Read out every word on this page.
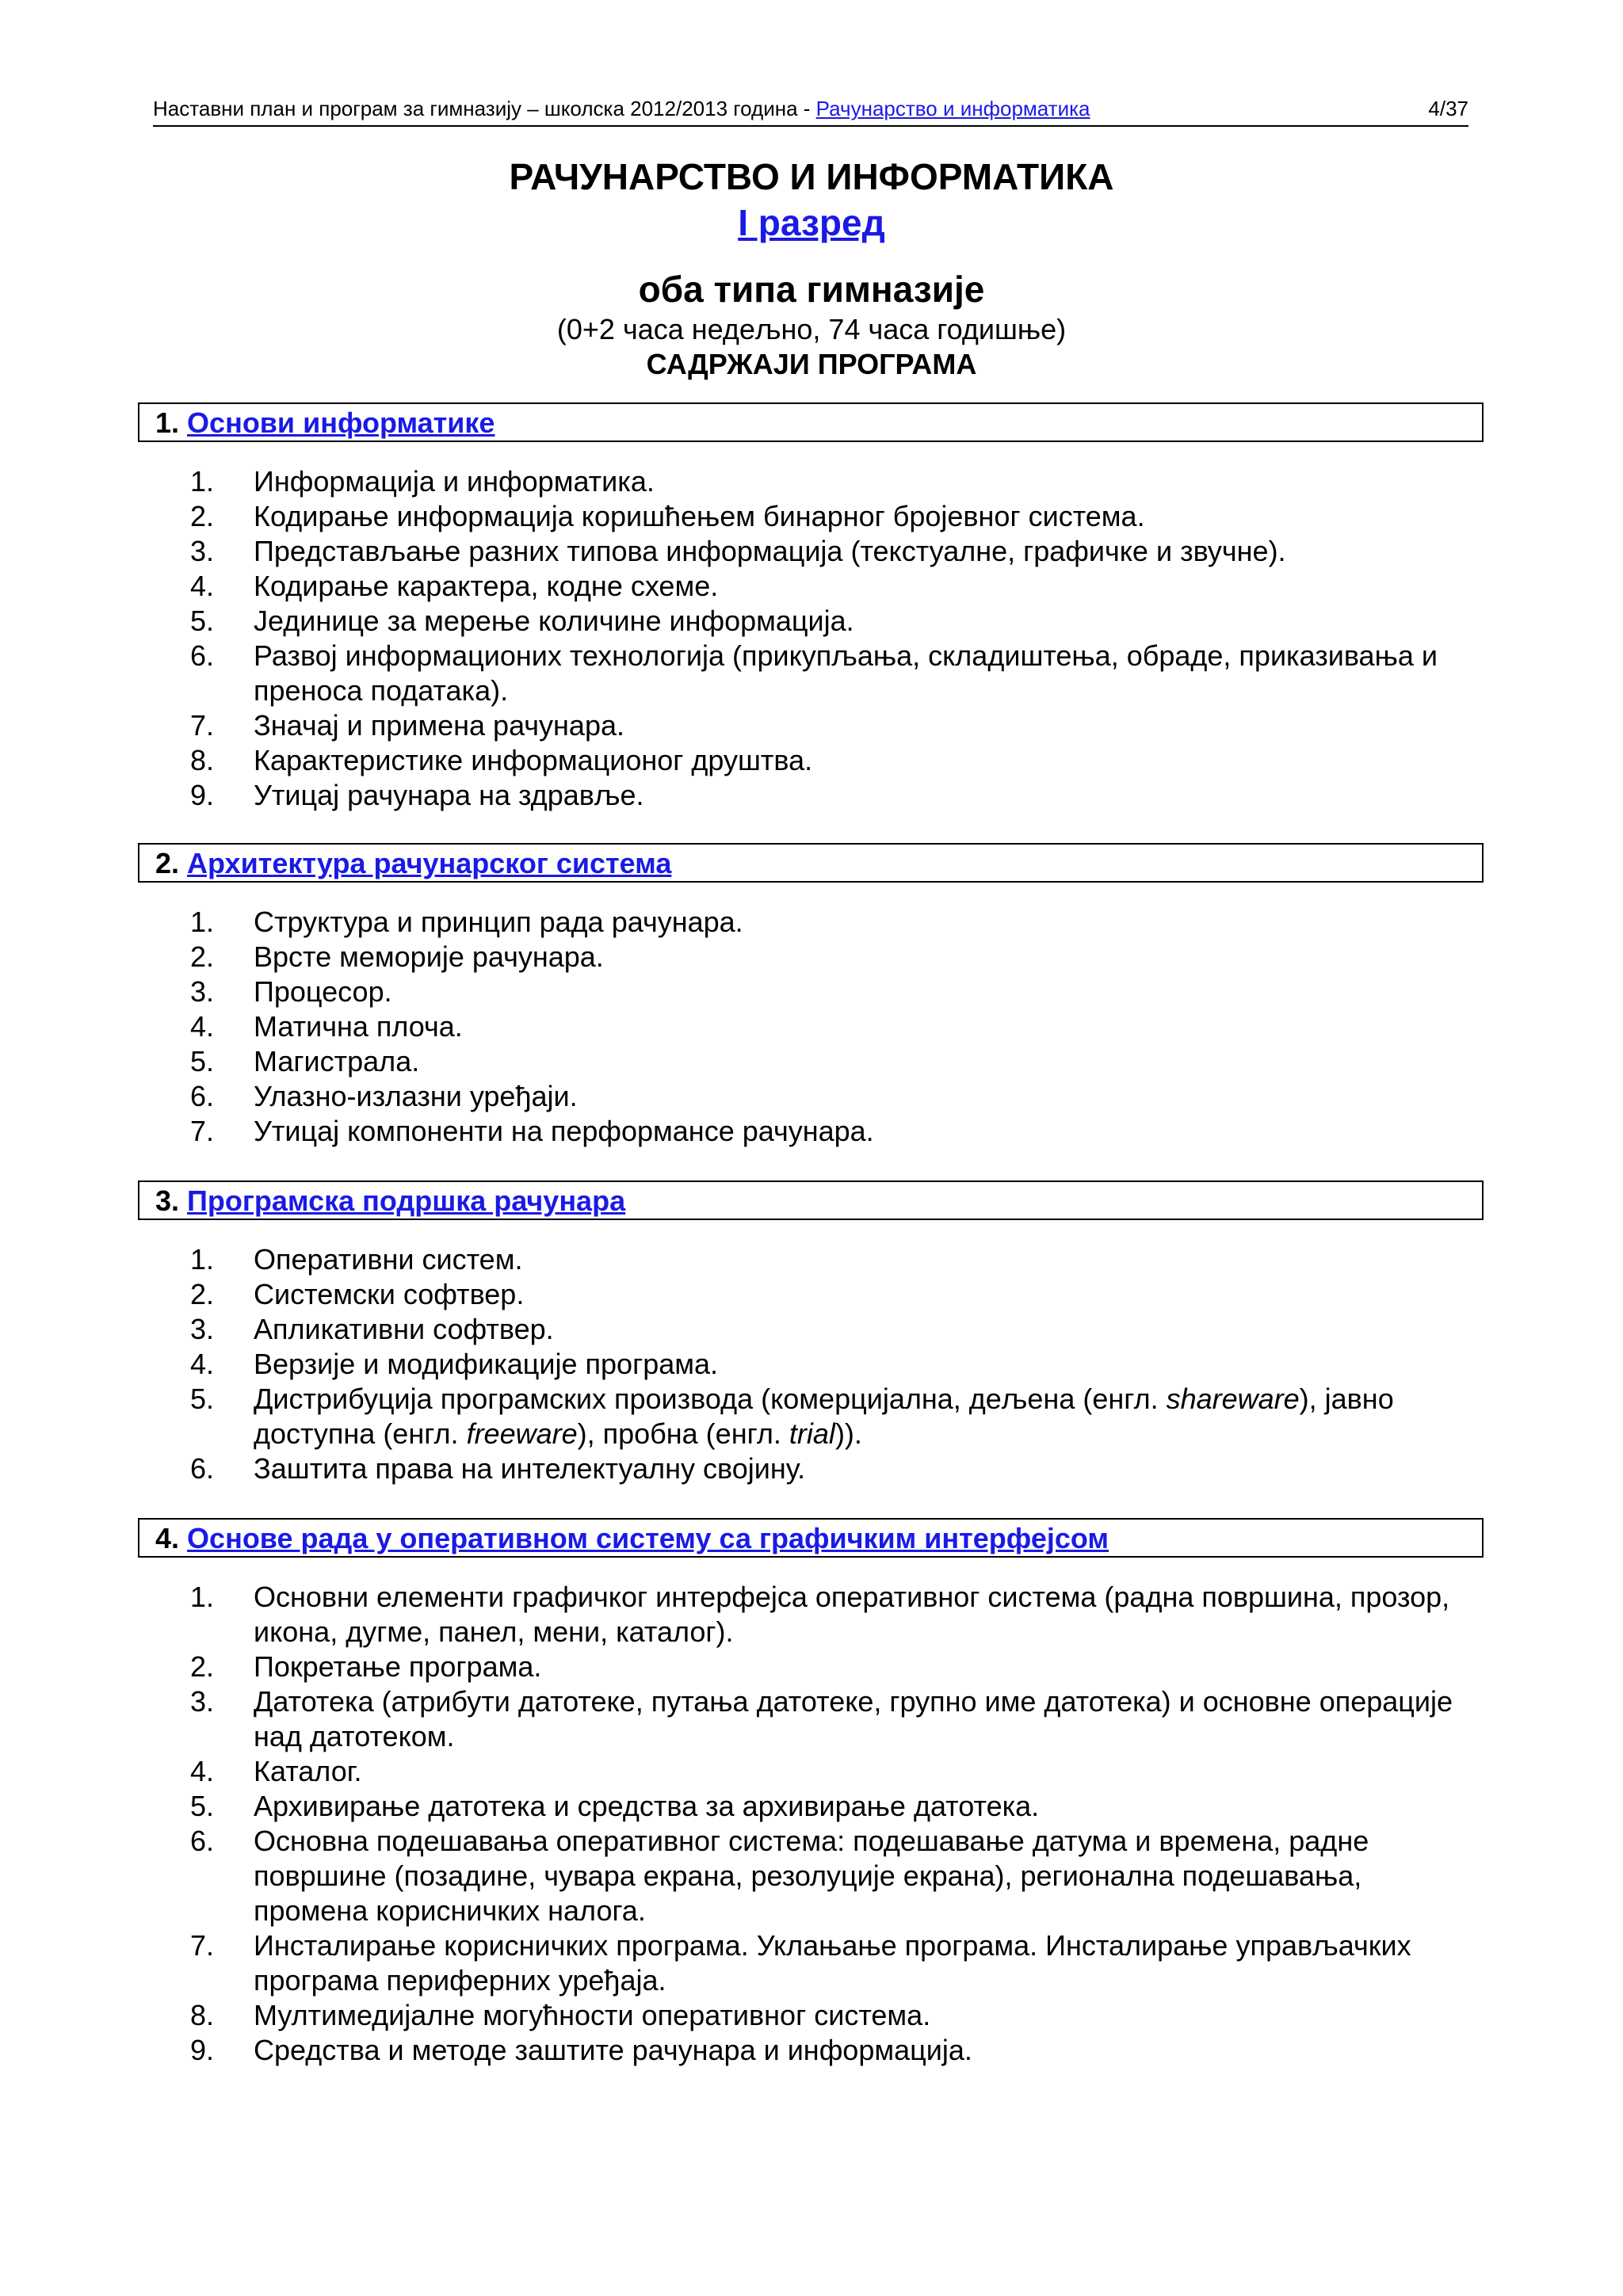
Наставни план и програм за гимназију – школска 2012/2013 година - Рачунарство и информатика	4/37
РАЧУНАРСТВО И ИНФОРМАТИКА
I разред
оба типа гимназије
(0+2 часа недељно, 74 часа годишње)
САДРЖАЈИ ПРОГРАМА
1. Основи информатике
1.	Информација и информатика.
2.	Кодирање информација коришћењем бинарног бројевног система.
3.	Представљање разних типова информација (текстуалне, графичке и звучне).
4.	Кодирање карактера, кодне схеме.
5.	Јединице за мерење количине информација.
6.	Развој информационих технологија (прикупљања, складиштења, обраде, приказивања и преноса података).
7.	Значај и примена рачунара.
8.	Карактеристике информационог друштва.
9.	Утицај рачунара на здравље.
2. Архитектура рачунарског система
1.	Структура и принцип рада рачунара.
2.	Врсте меморије рачунара.
3.	Процесор.
4.	Матична плоча.
5.	Магистрала.
6.	Улазно-излазни уређаји.
7.	Утицај компоненти на перформансе рачунара.
3. Програмска подршка рачунара
1.	Оперативни систем.
2.	Системски софтвер.
3.	Апликативни софтвер.
4.	Верзије и модификације програма.
5.	Дистрибуција програмских производа (комерцијална, дељена (енгл. shareware), јавно доступна (енгл. freeware), пробна (енгл. trial)).
6.	Заштита права на интелектуалну својину.
4. Основе рада у оперативном систему са графичким интерфејсом
1.	Основни елементи графичког интерфејса оперативног система (радна површина, прозор, икона, дугме, панел, мени, каталог).
2.	Покретање програма.
3.	Датотека (атрибути датотеке, путања датотеке, групно име датотека) и основне операције над датотеком.
4.	Каталог.
5.	Архивирање датотека и средства за архивирање датотека.
6.	Основна подешавања оперативног система: подешавање датума и времена, радне површине (позадине, чувара екрана, резолуције екрана), регионална подешавања, промена корисничких налога.
7.	Инсталирање корисничких програма. Уклањање програма. Инсталирање управљачких програма периферних уређаја.
8.	Мултимедијалне могућности оперативног система.
9.	Средства и методе заштите рачунара и информација.
